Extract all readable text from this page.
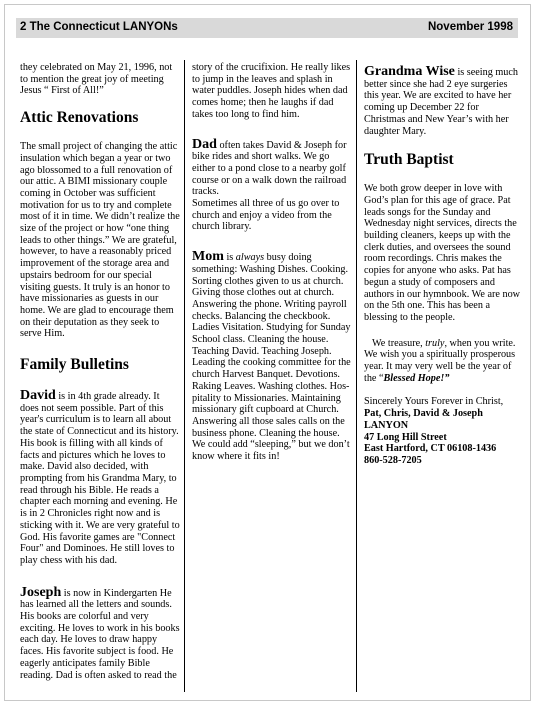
2 The Connecticut LANYONs	November 1998

they celebrated on May 21, 1996, not to mention the great joy of meeting Jesus “ First of All!”

Attic Renovations

The small project of changing the attic insulation which began a year or two ago blossomed to a full renovation of our attic. A BIMI missionary couple coming in October was sufficient motivation for us to try and complete most of it in time. We didn’t realize the size of the project or how “one thing leads to other things.” We are grateful, however, to have a reasonably priced improvement of the storage area and upstairs bedroom for our special visiting guests. It truly is an honor to have missionaries as guests in our home. We are glad to encourage them on their deputation as they seek to serve Him.

Family Bulletins

David is in 4th grade already. It does not seem possible. Part of this year's curriculum is to learn all about the state of Connecticut and its history. His book is filling with all kinds of facts and pictures which he loves to make. David also decided, with prompting from his Grandma Mary, to read through his Bible. He reads a chapter each morning and evening. He is in 2 Chronicles right now and is sticking with it. We are very grateful to God. His favorite games are "Connect Four" and Dominoes. He still loves to play chess with his dad.

Joseph is now in Kindergarten He has learned all the letters and sounds. His books are colorful and very exciting. He loves to work in his books each day. He loves to draw happy faces. His favorite subject is food. He eagerly anticipates family Bible reading. Dad is often asked to read the

story of the crucifixion. He really likes to jump in the leaves and splash in water puddles. Joseph hides when dad comes home; then he laughs if dad takes too long to find him.

Dad often takes David & Joseph for bike rides and short walks. We go either to a pond close to a nearby golf course or on a walk down the railroad tracks.

Sometimes all three of us go over to church and enjoy a video from the church library.

Mom is always busy doing something: Washing Dishes. Cooking. Sorting clothes given to us at church. Giving those clothes out at church. Answering the phone. Writing payroll checks. Balancing the checkbook. Ladies Visitation. Studying for Sunday School class. Cleaning the house. Teaching David. Teaching Joseph. Leading the cooking committee for the church Harvest Banquet. Devotions. Raking Leaves. Washing clothes. Hos-pitality to Missionaries. Maintaining missionary gift cupboard at Church. Answering all those sales calls on the business phone. Cleaning the house. We could add “sleeping,” but we don’t know where it fits in!

Grandma Wise is seeing much better since she had 2 eye surgeries this year. We are excited to have her coming up December 22 for Christmas and New Year’s with her daughter Mary.

Truth Baptist

We both grow deeper in love with God’s plan for this age of grace. Pat leads songs for the Sunday and Wednesday night services, directs the building cleaners, keeps up with the clerk duties, and oversees the sound room recordings. Chris makes the copies for anyone who asks. Pat has begun a study of composers and authors in our hymnbook. We are now on the 5th one. This has been a blessing to the people.

We treasure, truly, when you write. We wish you a spiritually prosperous year. It may very well be the year of the “Blessed Hope!”

Sincerely Yours Forever in Christ,

Pat, Chris, David & Joseph

LANYON

47 Long Hill Street

East Hartford, CT 06108-1436

860-528-7205
